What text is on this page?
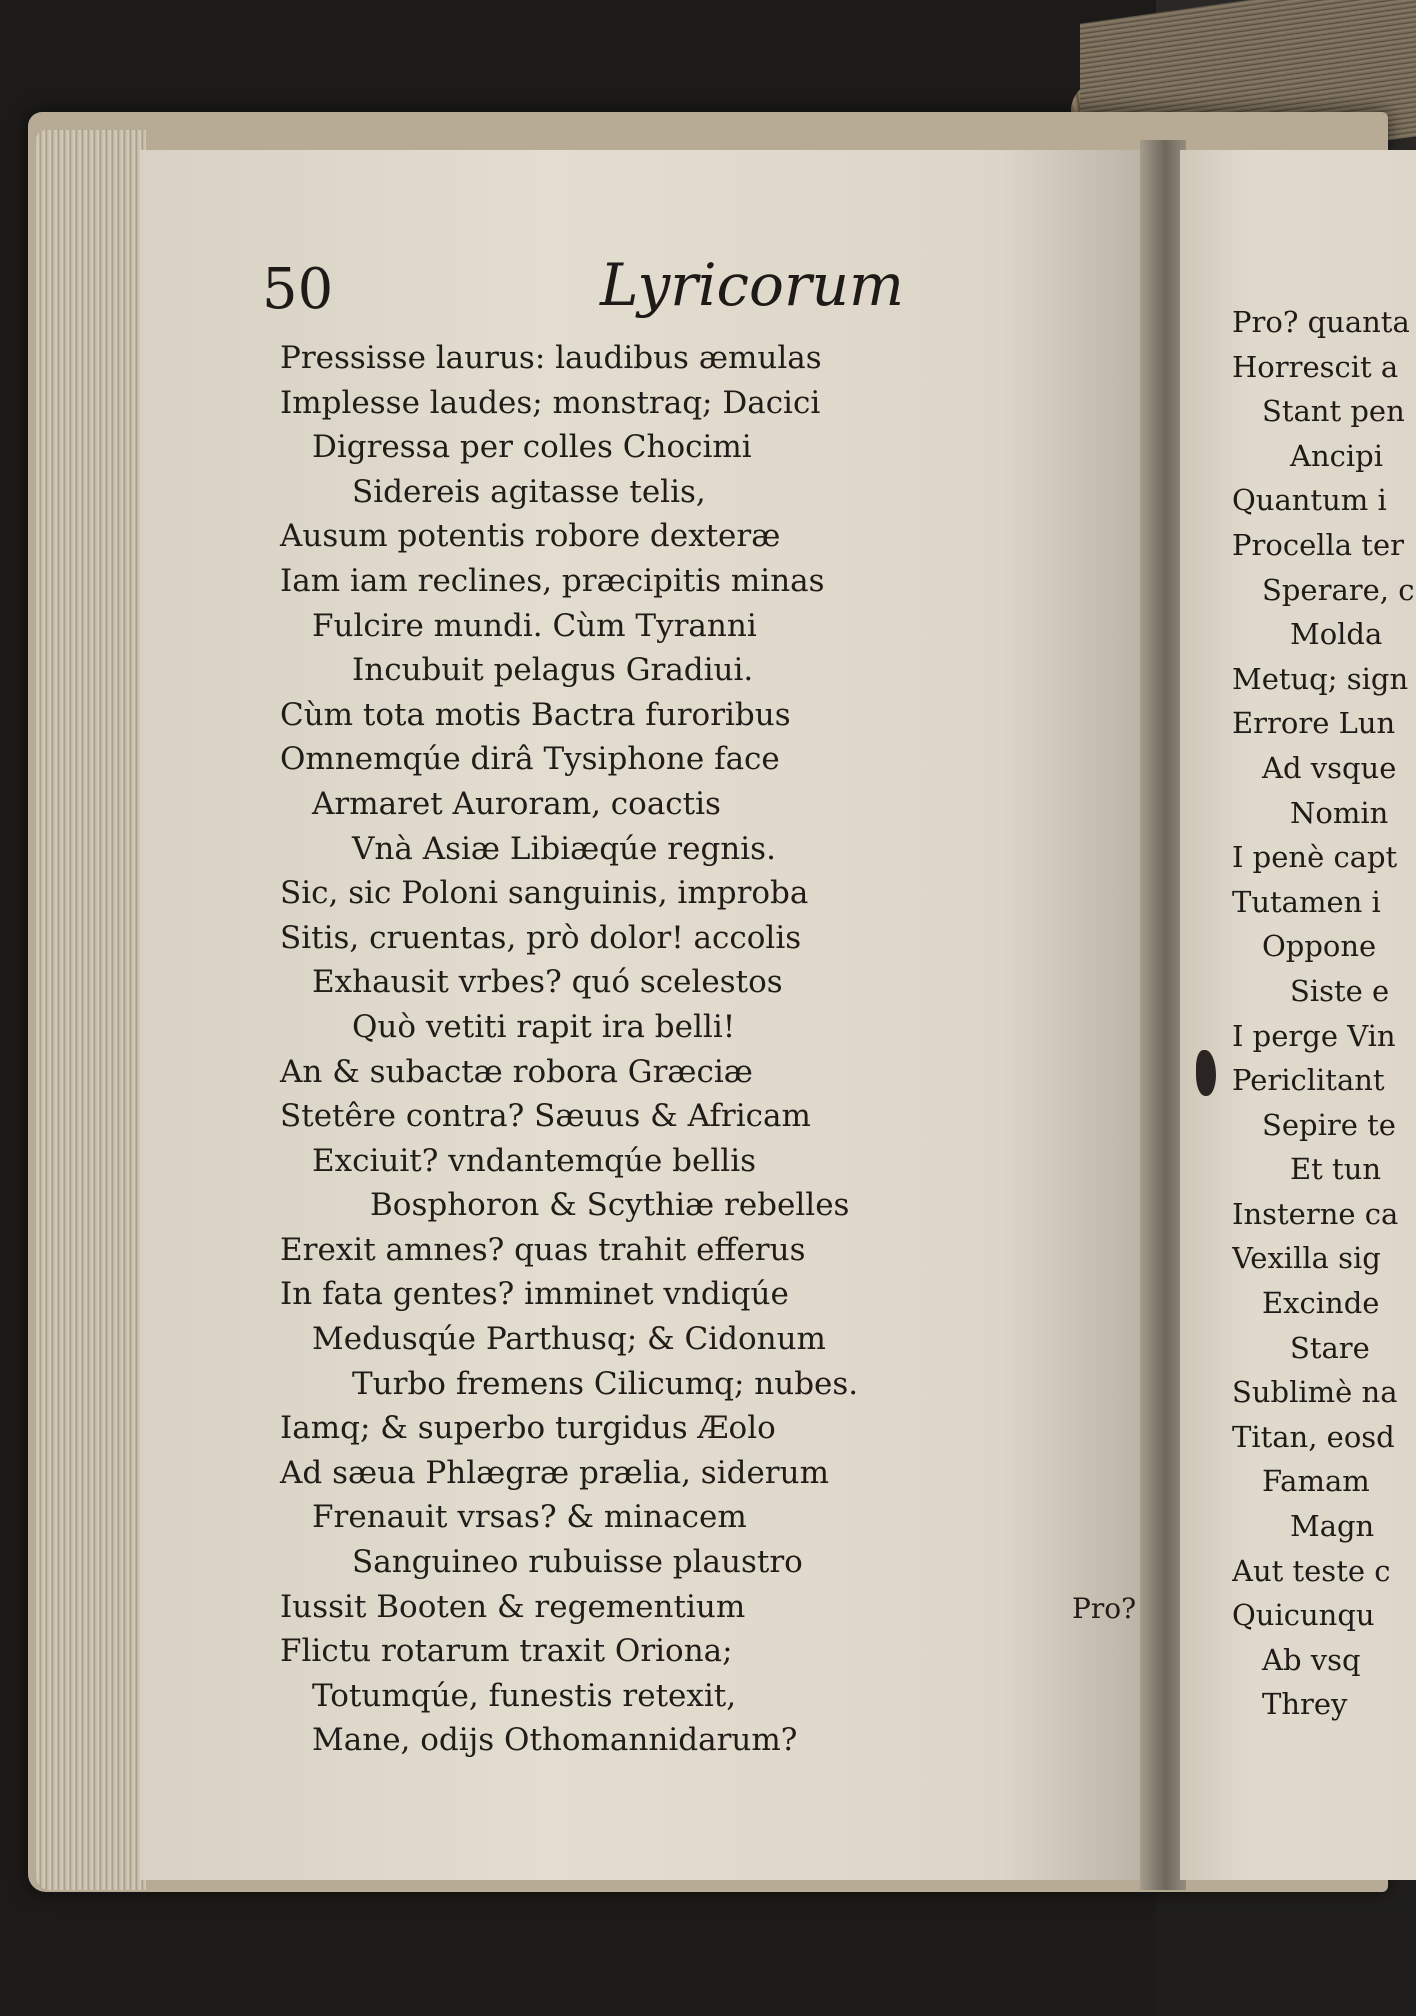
50	Lyricorum
Pressisse laurus: laudibus æmulas
Implesse laudes; monstraq; Dacici
Digressa per colles Chocimi
Sidereis agitasse telis,
Ausum potentis robore dexteræ
Iam iam reclines, præcipitis minas
Fulcire mundi. Cùm Tyranni
Incubuit pelagus Gradiui.
Cùm tota motis Bactra furoribus
Omnemqúe dirâ Tysiphone face
Armaret Auroram, coactis
Vnà Asiæ Libiæqúe regnis.
Sic, sic Poloni sanguinis, improba
Sitis, cruentas, prò dolor! accolis
Exhausit vrbes? quó scelestos
Quò vetiti rapit ira belli!
An & subactæ robora Græciæ
Stetêre contra? Sæuus & Africam
Exciuit? vndantemqúe bellis
Bosphoron & Scythiæ rebelles
Erexit amnes? quas trahit efferus
In fata gentes? imminet vndiqúe
Medusqúe Parthusq; & Cidonum
Turbo fremens Cilicumq; nubes.
Iamq; & superbo turgidus Æolo
Ad sæua Phlægræ prælia, siderum
Frenauit vrsas? & minacem
Sanguineo rubuisse plaustro
Iussit Booten & regementium
Flictu rotarum traxit Oriona;
Totumqúe, funestis retexit,
Mane, odijs Othomannidarum?
Pro?
Pro? quanta
Horrescit a
Stant pen
Ancipi
Quantum i
Procella ter
Sperare, c
Molda
Metuq; sign
Errore Lun
Ad vsque
Nomin
I penè capt
Tutamen i
Oppone
Siste e
I perge Vin
Periclitant
Sepire te
Et tun
Insterne ca
Vexilla sig
Excinde
Stare
Sublimè na
Titan, eosd
Famam
Magn
Aut teste c
Quicunqu
Ab vsq
Threy
